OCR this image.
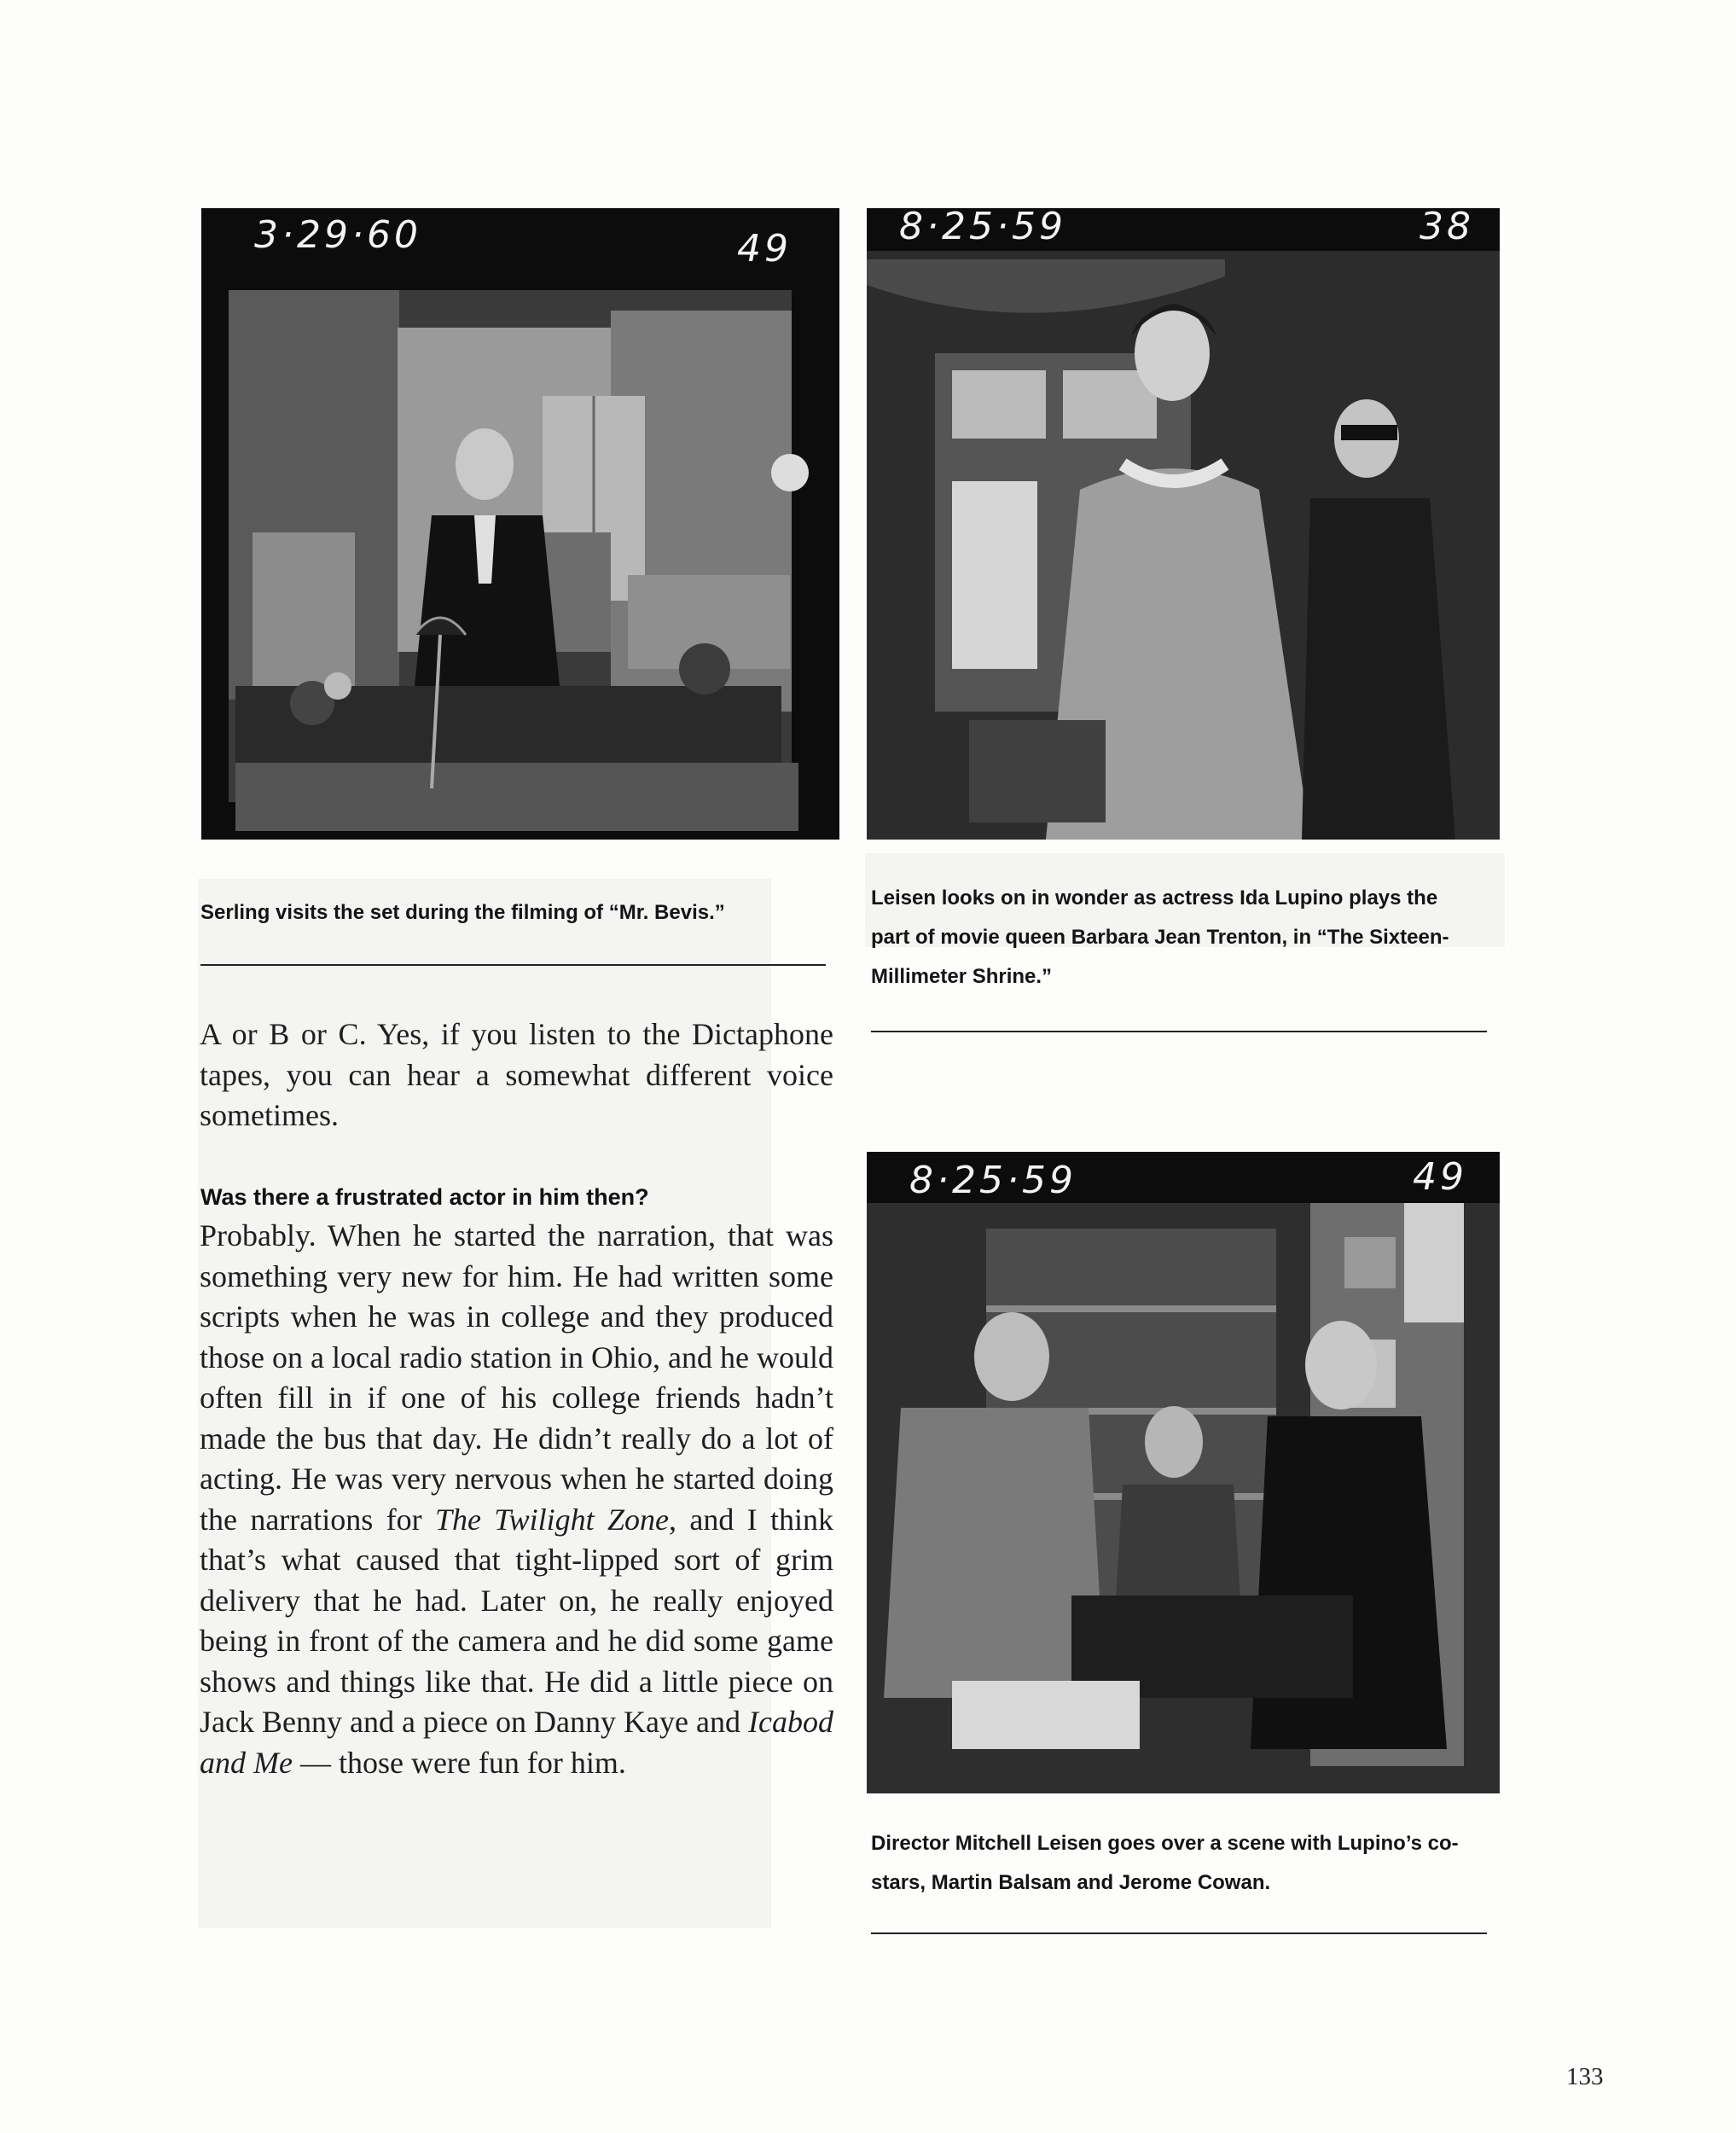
3·29·60	49
8·25·59	38
8·25·59	49
Serling visits the set during the filming of “Mr. Bevis.”
Leisen looks on in wonder as actress Ida Lupino plays the part of movie queen Barbara Jean Trenton, in “The Sixteen-Millimeter Shrine.”
Director Mitchell Leisen goes over a scene with Lupino’s co-stars, Martin Balsam and Jerome Cowan.

A or B or C. Yes, if you listen to the Dictaphone tapes, you can hear a somewhat different voice sometimes.

Was there a frustrated actor in him then?

Probably. When he started the narration, that was something very new for him. He had written some scripts when he was in college and they produced those on a local radio station in Ohio, and he would often fill in if one of his college friends hadn’t made the bus that day. He didn’t really do a lot of acting. He was very nervous when he started doing the narrations for The Twilight Zone, and I think that’s what caused that tight-lipped sort of grim delivery that he had. Later on, he really enjoyed being in front of the camera and he did some game shows and things like that. He did a little piece on Jack Benny and a piece on Danny Kaye and Icabod and Me — those were fun for him.

133
